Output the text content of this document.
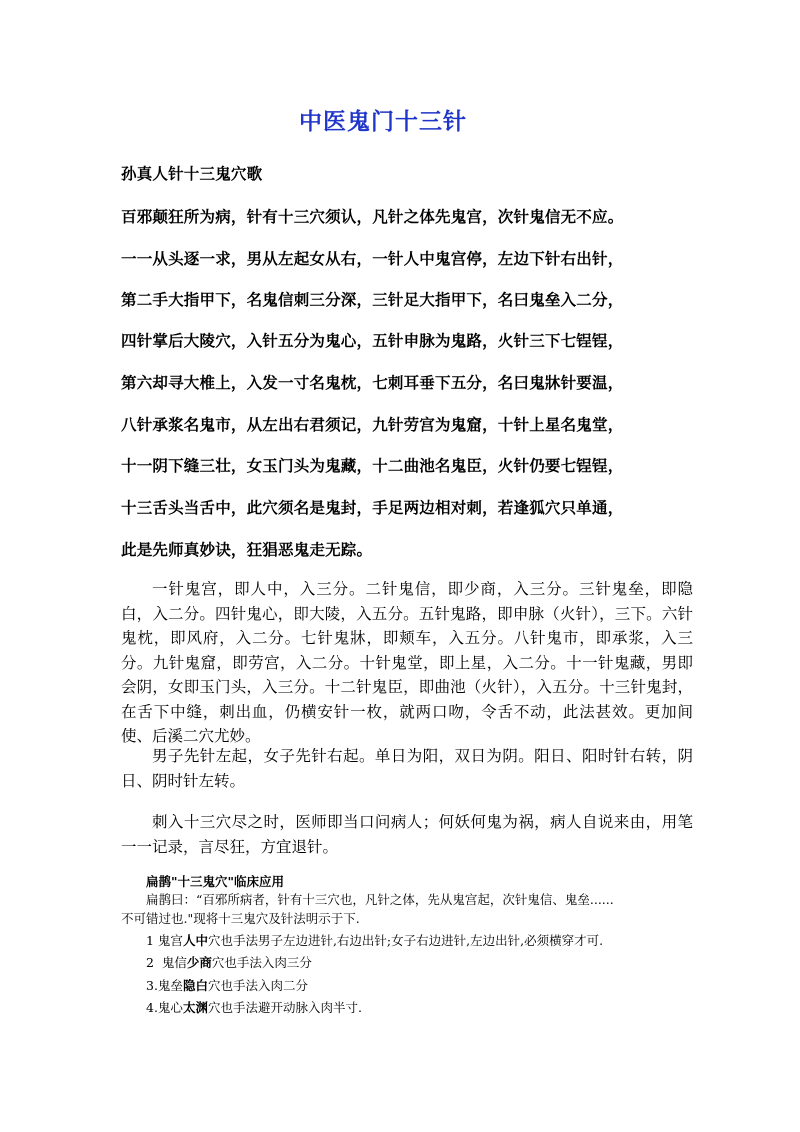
中医鬼门十三针
孙真人针十三鬼穴歌
百邪颠狂所为病，针有十三穴须认，凡针之体先鬼宫，次针鬼信无不应。
一一从头逐一求，男从左起女从右，一针人中鬼宫停，左边下针右出针，
第二手大指甲下，名鬼信刺三分深，三针足大指甲下，名曰鬼垒入二分，
四针掌后大陵穴，入针五分为鬼心，五针申脉为鬼路，火针三下七锃锃，
第六却寻大椎上，入发一寸名鬼枕，七刺耳垂下五分，名曰鬼牀针要温，
八针承浆名鬼市，从左出右君须记，九针劳宫为鬼窟，十针上星名鬼堂，
十一阴下缝三壮，女玉门头为鬼藏，十二曲池名鬼臣，火针仍要七锃锃，
十三舌头当舌中，此穴须名是鬼封，手足两边相对刺，若逢狐穴只单通，
此是先师真妙诀，狂猖恶鬼走无踪。
一针鬼宫，即人中，入三分。二针鬼信，即少商，入三分。三针鬼垒，即隐白，入二分。四针鬼心，即大陵，入五分。五针鬼路，即申脉（火针），三下。六针鬼枕，即风府，入二分。七针鬼牀，即颊车，入五分。八针鬼市，即承浆，入三分。九针鬼窟，即劳宫，入二分。十针鬼堂，即上星，入二分。十一针鬼藏，男即会阴，女即玉门头，入三分。十二针鬼臣，即曲池（火针），入五分。十三针鬼封，在舌下中缝，刺出血，仍横安针一枚，就两口吻，令舌不动，此法甚效。更加间使、后溪二穴尤妙。
男子先针左起，女子先针右起。单日为阳，双日为阴。阳日、阳时针右转，阴日、阴时针左转。
刺入十三穴尽之时，医师即当口问病人；何妖何鬼为祸，病人自说来由，用笔一一记录，言尽狂，方宜退针。
扁鹊"十三鬼穴"临床应用
扁鹊曰：“百邪所病者，针有十三穴也，凡针之体，先从鬼宫起，次针鬼信、鬼垒......
不可错过也."现将十三鬼穴及针法明示于下.
1 鬼宫人中穴也手法男子左边进针,右边出针;女子右边进针,左边出针,必须横穿才可.
2  鬼信少商穴也手法入肉三分
3.鬼垒隐白穴也手法入肉二分
4.鬼心太渊穴也手法避开动脉入肉半寸.
